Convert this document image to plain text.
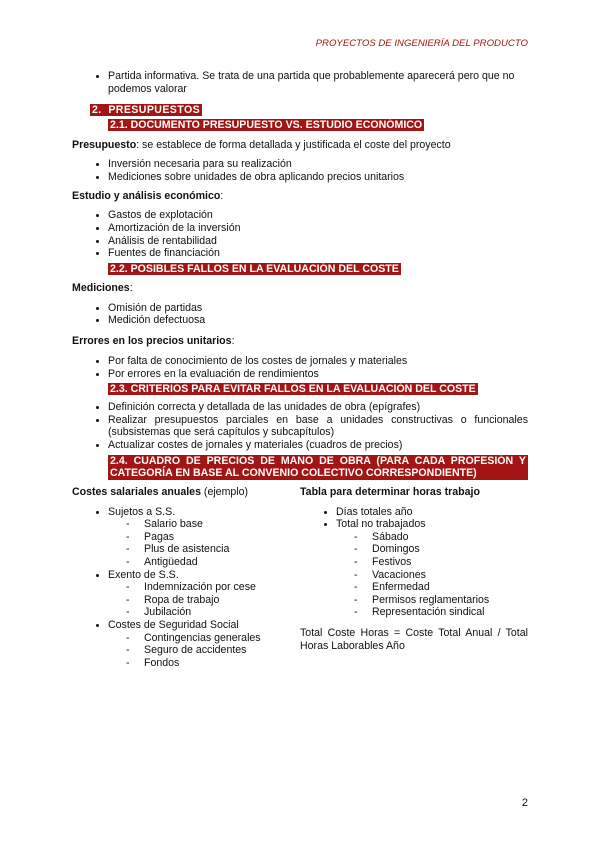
PROYECTOS DE INGENIERÍA DEL PRODUCTO
• Partida informativa. Se trata de una partida que probablemente aparecerá pero que no podemos valorar
2. PRESUPUESTOS
2.1. DOCUMENTO PRESUPUESTO VS. ESTUDIO ECONÓMICO

Presupuesto: se establece de forma detallada y justificada el coste del proyecto

• Inversión necesaria para su realización
• Mediciones sobre unidades de obra aplicando precios unitarios

Estudio y análisis económico:

• Gastos de explotación
• Amortización de la inversión
• Análisis de rentabilidad
• Fuentes de financiación
2.2. POSIBLES FALLOS EN LA EVALUACIÓN DEL COSTE

Mediciones:

• Omisión de partidas
• Medición defectuosa

Errores en los precios unitarios:

• Por falta de conocimiento de los costes de jornales y materiales
• Por errores en la evaluación de rendimientos
2.3. CRITERIOS PARA EVITAR FALLOS EN LA EVALUACIÓN DEL COSTE
• Definición correcta y detallada de las unidades de obra (epígrafes)
• Realizar presupuestos parciales en base a unidades constructivas o funcionales (subsistemas que será capítulos y subcapítulos)
• Actualizar costes de jornales y materiales (cuadros de precios)
2.4. CUADRO DE PRECIOS DE MANO DE OBRA (PARA CADA PROFESIÓN Y CATEGORÍA EN BASE AL CONVENIO COLECTIVO CORRESPONDIENTE)

Costes salariales anuales (ejemplo)

• Sujetos a S.S.
- Salario base
- Pagas
- Plus de asistencia
- Antigüedad
• Exento de S.S.
- Indemnización por cese
- Ropa de trabajo
- Jubilación
• Costes de Seguridad Social
- Contingencias generales
- Seguro de accidentes
- Fondos

Tabla para determinar horas trabajo

• Días totales año
• Total no trabajados
- Sábado
- Domingos
- Festivos
- Vacaciones
- Enfermedad
- Permisos reglamentarios
- Representación sindical

Total Coste Horas = Coste Total Anual / Total Horas Laborables Año

2
